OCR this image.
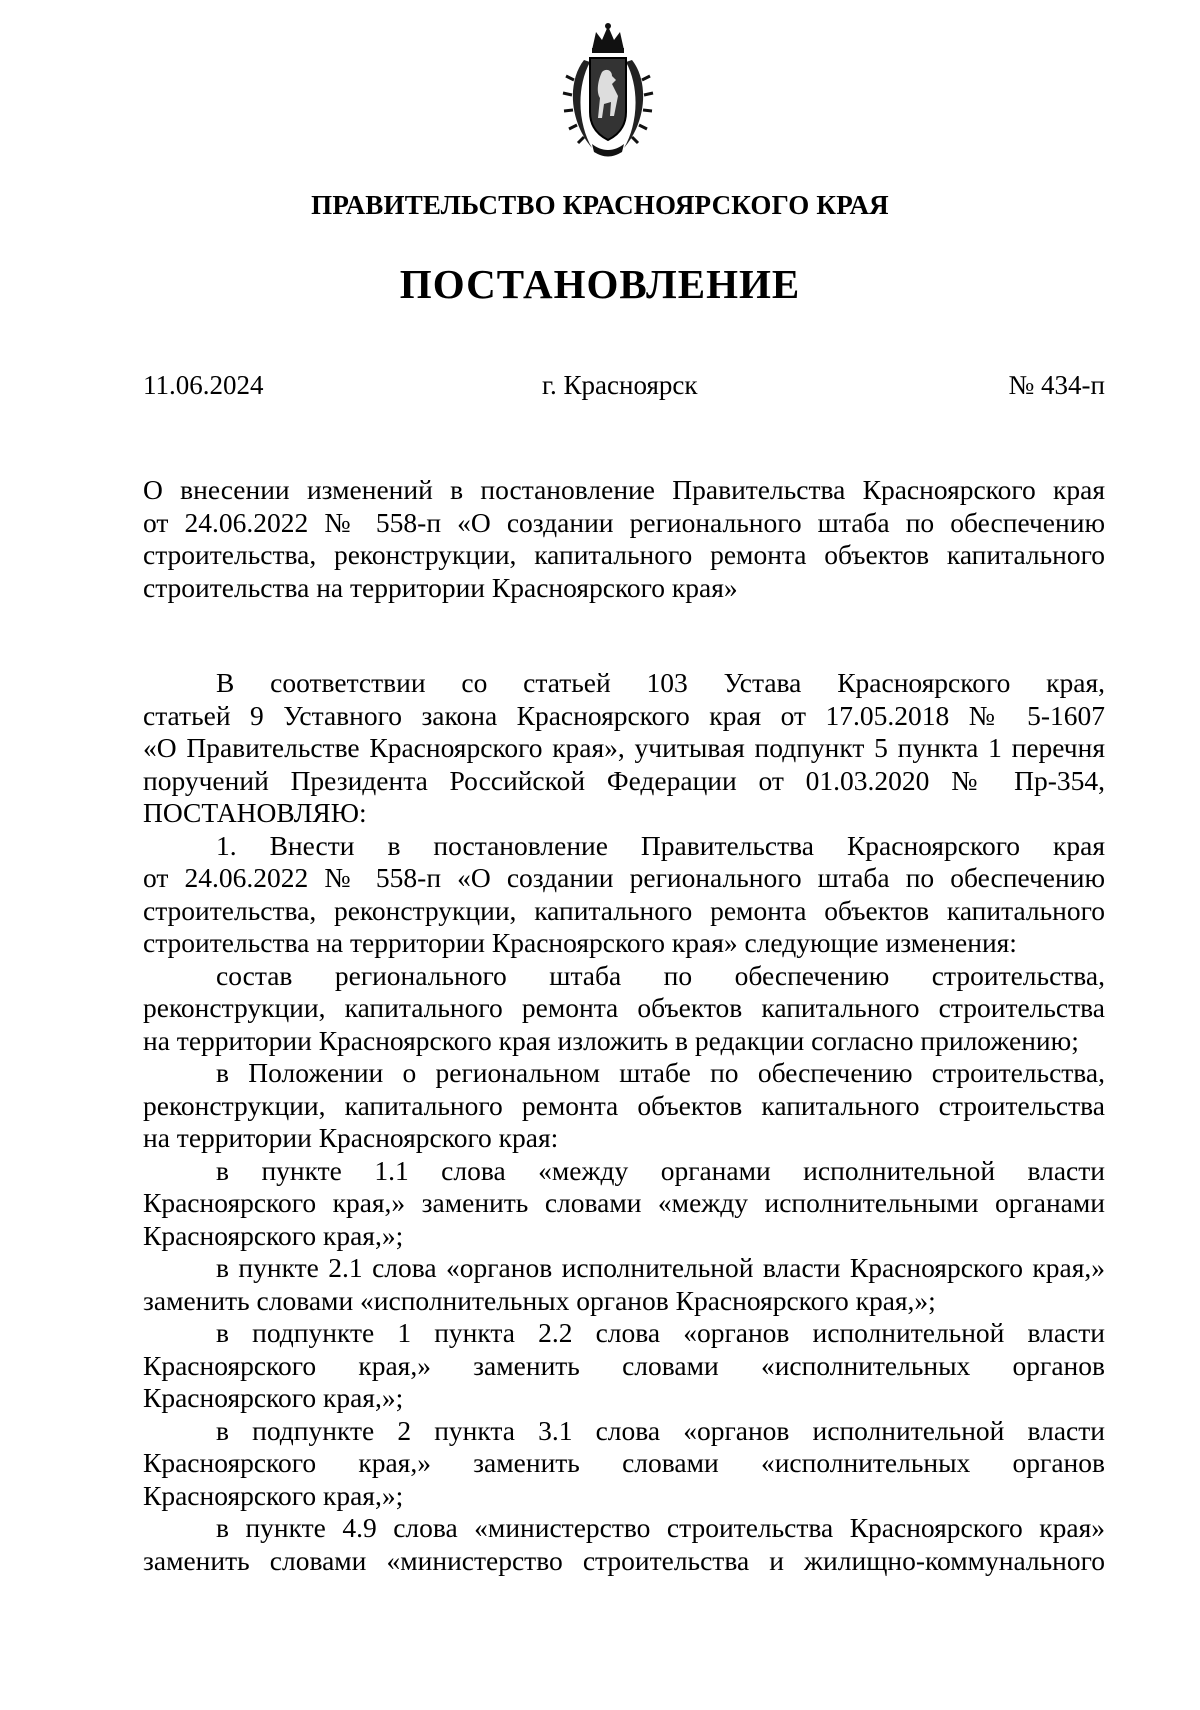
ПРАВИТЕЛЬСТВО КРАСНОЯРСКОГО КРАЯ
ПОСТАНОВЛЕНИЕ
11.06.2024	г. Красноярск	№ 434-п

О внесении изменений в постановление Правительства Красноярского края

от 24.06.2022 № 558-п «О создании регионального штаба по обеспечению

строительства, реконструкции, капитального ремонта объектов капитального

строительства на территории Красноярского края»

В соответствии со статьей 103 Устава Красноярского края,

статьей 9 Уставного закона Красноярского края от 17.05.2018 № 5-1607

«О Правительстве Красноярского края», учитывая подпункт 5 пункта 1 перечня

поручений Президента Российской Федерации от 01.03.2020 № Пр-354,

ПОСТАНОВЛЯЮ:

1. Внести в постановление Правительства Красноярского края

от 24.06.2022 № 558-п «О создании регионального штаба по обеспечению

строительства, реконструкции, капитального ремонта объектов капитального

строительства на территории Красноярского края» следующие изменения:

состав регионального штаба по обеспечению строительства,

реконструкции, капитального ремонта объектов капитального строительства

на территории Красноярского края изложить в редакции согласно приложению;

в Положении о региональном штабе по обеспечению строительства,

реконструкции, капитального ремонта объектов капитального строительства

на территории Красноярского края:

в пункте 1.1 слова «между органами исполнительной власти

Красноярского края,» заменить словами «между исполнительными органами

Красноярского края,»;

в пункте 2.1 слова «органов исполнительной власти Красноярского края,»

заменить словами «исполнительных органов Красноярского края,»;

в подпункте 1 пункта 2.2 слова «органов исполнительной власти

Красноярского края,» заменить словами «исполнительных органов

Красноярского края,»;

в подпункте 2 пункта 3.1 слова «органов исполнительной власти

Красноярского края,» заменить словами «исполнительных органов

Красноярского края,»;

в пункте 4.9 слова «министерство строительства Красноярского края»

заменить словами «министерство строительства и жилищно-коммунального
